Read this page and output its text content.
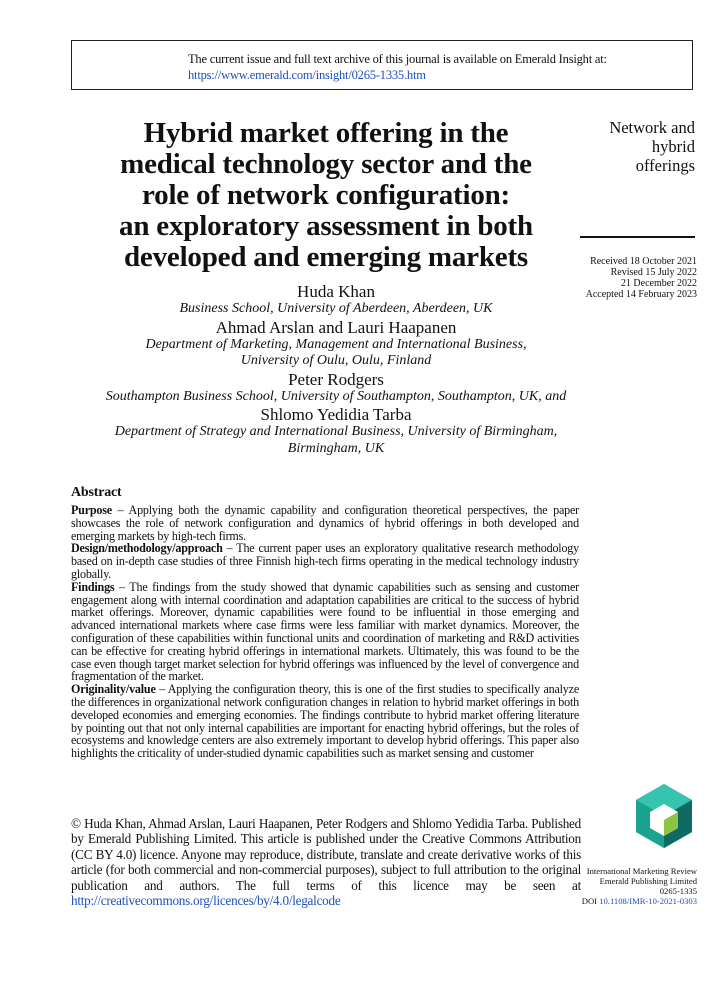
The current issue and full text archive of this journal is available on Emerald Insight at:
https://www.emerald.com/insight/0265-1335.htm
Hybrid market offering in the
medical technology sector and the
role of network configuration:
an exploratory assessment in both
developed and emerging markets
Network and
hybrid
offerings
Received 18 October 2021
Revised 15 July 2022
21 December 2022
Accepted 14 February 2023
Huda Khan
Business School, University of Aberdeen, Aberdeen, UK
Ahmad Arslan and Lauri Haapanen
Department of Marketing, Management and International Business,
University of Oulu, Oulu, Finland
Peter Rodgers
Southampton Business School, University of Southampton, Southampton, UK, and
Shlomo Yedidia Tarba
Department of Strategy and International Business, University of Birmingham,
Birmingham, UK
Abstract

Purpose – Applying both the dynamic capability and configuration theoretical perspectives, the paper showcases the role of network configuration and dynamics of hybrid offerings in both developed and emerging markets by high-tech firms.

Design/methodology/approach – The current paper uses an exploratory qualitative research methodology based on in-depth case studies of three Finnish high-tech firms operating in the medical technology industry globally.

Findings – The findings from the study showed that dynamic capabilities such as sensing and customer engagement along with internal coordination and adaptation capabilities are critical to the success of hybrid market offerings. Moreover, dynamic capabilities were found to be influential in those emerging and advanced international markets where case firms were less familiar with market dynamics. Moreover, the configuration of these capabilities within functional units and coordination of marketing and R&D activities can be effective for creating hybrid offerings in international markets. Ultimately, this was found to be the case even though target market selection for hybrid offerings was influenced by the level of convergence and fragmentation of the market.

Originality/value – Applying the configuration theory, this is one of the first studies to specifically analyze the differences in organizational network configuration changes in relation to hybrid market offerings in both developed economies and emerging economies. The findings contribute to hybrid market offering literature by pointing out that not only internal capabilities are important for enacting hybrid offerings, but the roles of ecosystems and knowledge centers are also extremely important to develop hybrid offerings. This paper also highlights the criticality of under-studied dynamic capabilities such as market sensing and customer

© Huda Khan, Ahmad Arslan, Lauri Haapanen, Peter Rodgers and Shlomo Yedidia Tarba. Published by Emerald Publishing Limited. This article is published under the Creative Commons Attribution (CC BY 4.0) licence. Anyone may reproduce, distribute, translate and create derivative works of this article (for both commercial and non-commercial purposes), subject to full attribution to the original publication and authors. The full terms of this licence may be seen at http://creativecommons.org/licences/by/4.0/legalcode
International Marketing Review
Emerald Publishing Limited
0265-1335
DOI 10.1108/IMR-10-2021-0303
